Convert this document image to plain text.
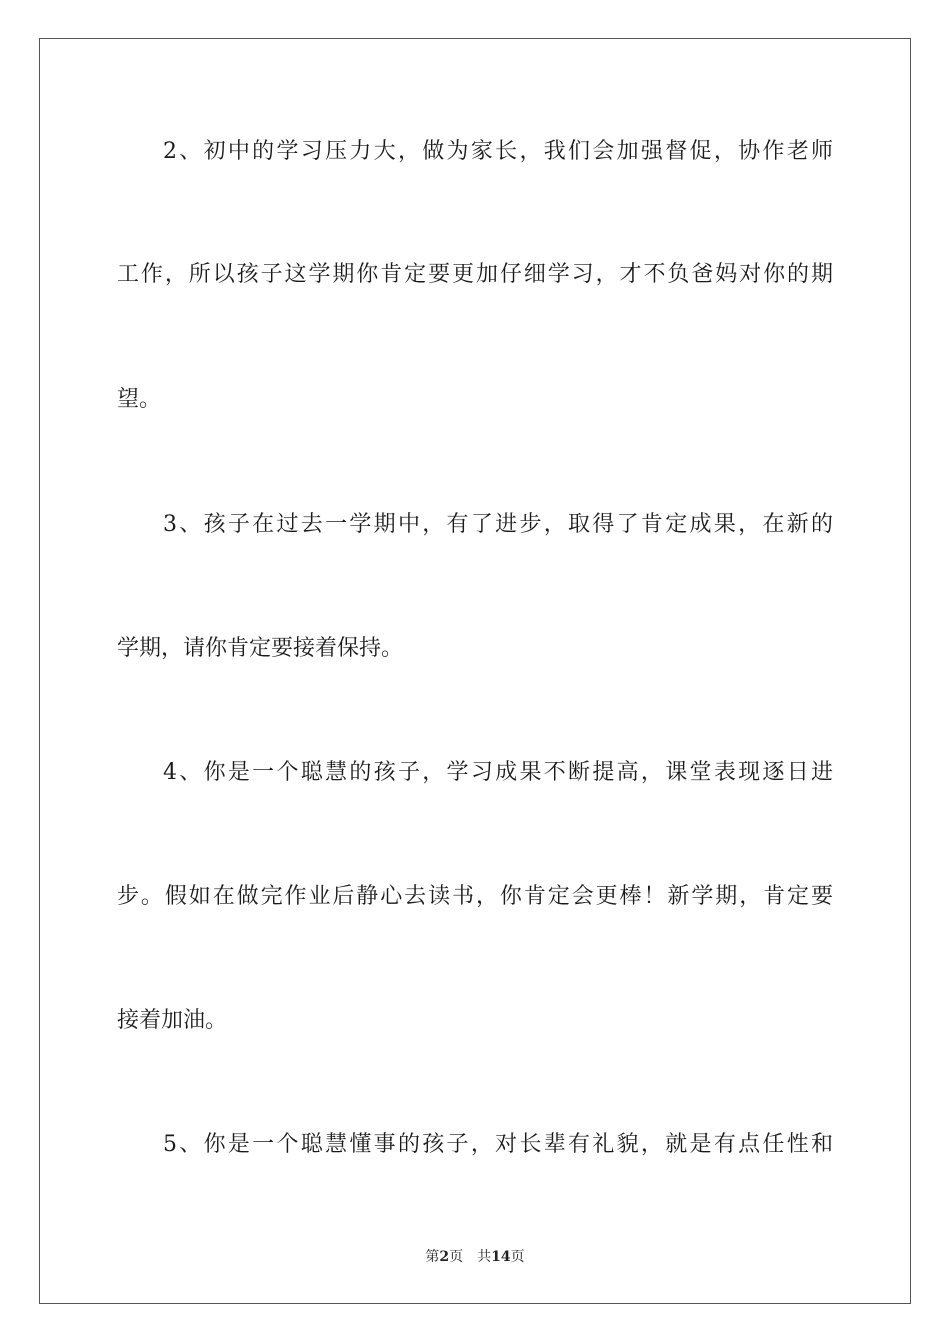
2、初中的学习压力大，做为家长，我们会加强督促，协作老师
工作，所以孩子这学期你肯定要更加仔细学习，才不负爸妈对你的期
望。
3、孩子在过去一学期中，有了进步，取得了肯定成果，在新的
学期，请你肯定要接着保持。
4、你是一个聪慧的孩子，学习成果不断提高，课堂表现逐日进
步。假如在做完作业后静心去读书，你肯定会更棒！新学期，肯定要
接着加油。
5、你是一个聪慧懂事的孩子，对长辈有礼貌，就是有点任性和
第2页 共14页
